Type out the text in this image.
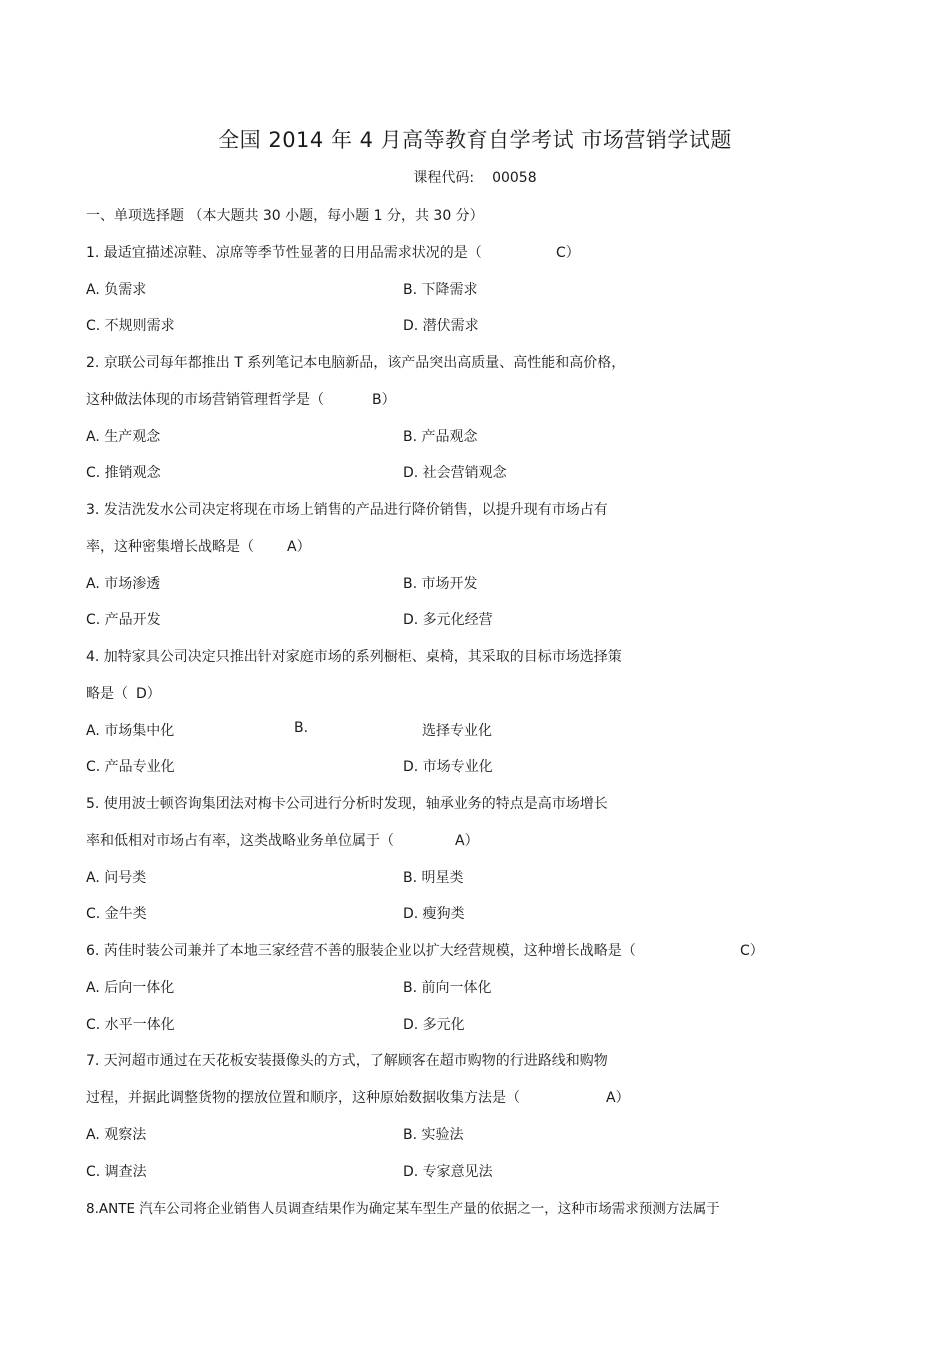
全国 2014 年 4 月高等教育自学考试 市场营销学试题
课程代码: 00058
一、单项选择题 （本大题共 30 小题，每小题 1 分，共 30 分）
1. 最适宜描述凉鞋、凉席等季节性显著的日用品需求状况的是（	C）
A. 负需求	B. 下降需求
C. 不规则需求	D. 潜伏需求
2. 京联公司每年都推出 T 系列笔记本电脑新品，该产品突出高质量、高性能和高价格，
这种做法体现的市场营销管理哲学是（	B）
A. 生产观念	B. 产品观念
C. 推销观念	D. 社会营销观念
3. 发洁洗发水公司决定将现在市场上销售的产品进行降价销售，以提升现有市场占有
率，这种密集增长战略是（ A）
A. 市场渗透	B. 市场开发
C. 产品开发	D. 多元化经营
4. 加特家具公司决定只推出针对家庭市场的系列橱柜、桌椅，其采取的目标市场选择策
略是（ D）
A. 市场集中化	B.	选择专业化
C. 产品专业化	D. 市场专业化
5. 使用波士顿咨询集团法对梅卡公司进行分析时发现，轴承业务的特点是高市场增长
率和低相对市场占有率，这类战略业务单位属于（	A）
A. 问号类	B. 明星类
C. 金牛类	D. 瘦狗类
6. 芮佳时装公司兼并了本地三家经营不善的服装企业以扩大经营规模，这种增长战略是（	C）
A. 后向一体化	B. 前向一体化
C. 水平一体化	D. 多元化
7. 天河超市通过在天花板安装摄像头的方式，了解顾客在超市购物的行进路线和购物
过程，并据此调整货物的摆放位置和顺序，这种原始数据收集方法是（	A）
A. 观察法	B. 实验法
C. 调查法	D. 专家意见法
8.ANTE 汽车公司将企业销售人员调查结果作为确定某车型生产量的依据之一，这种市场需求预测方法属于
